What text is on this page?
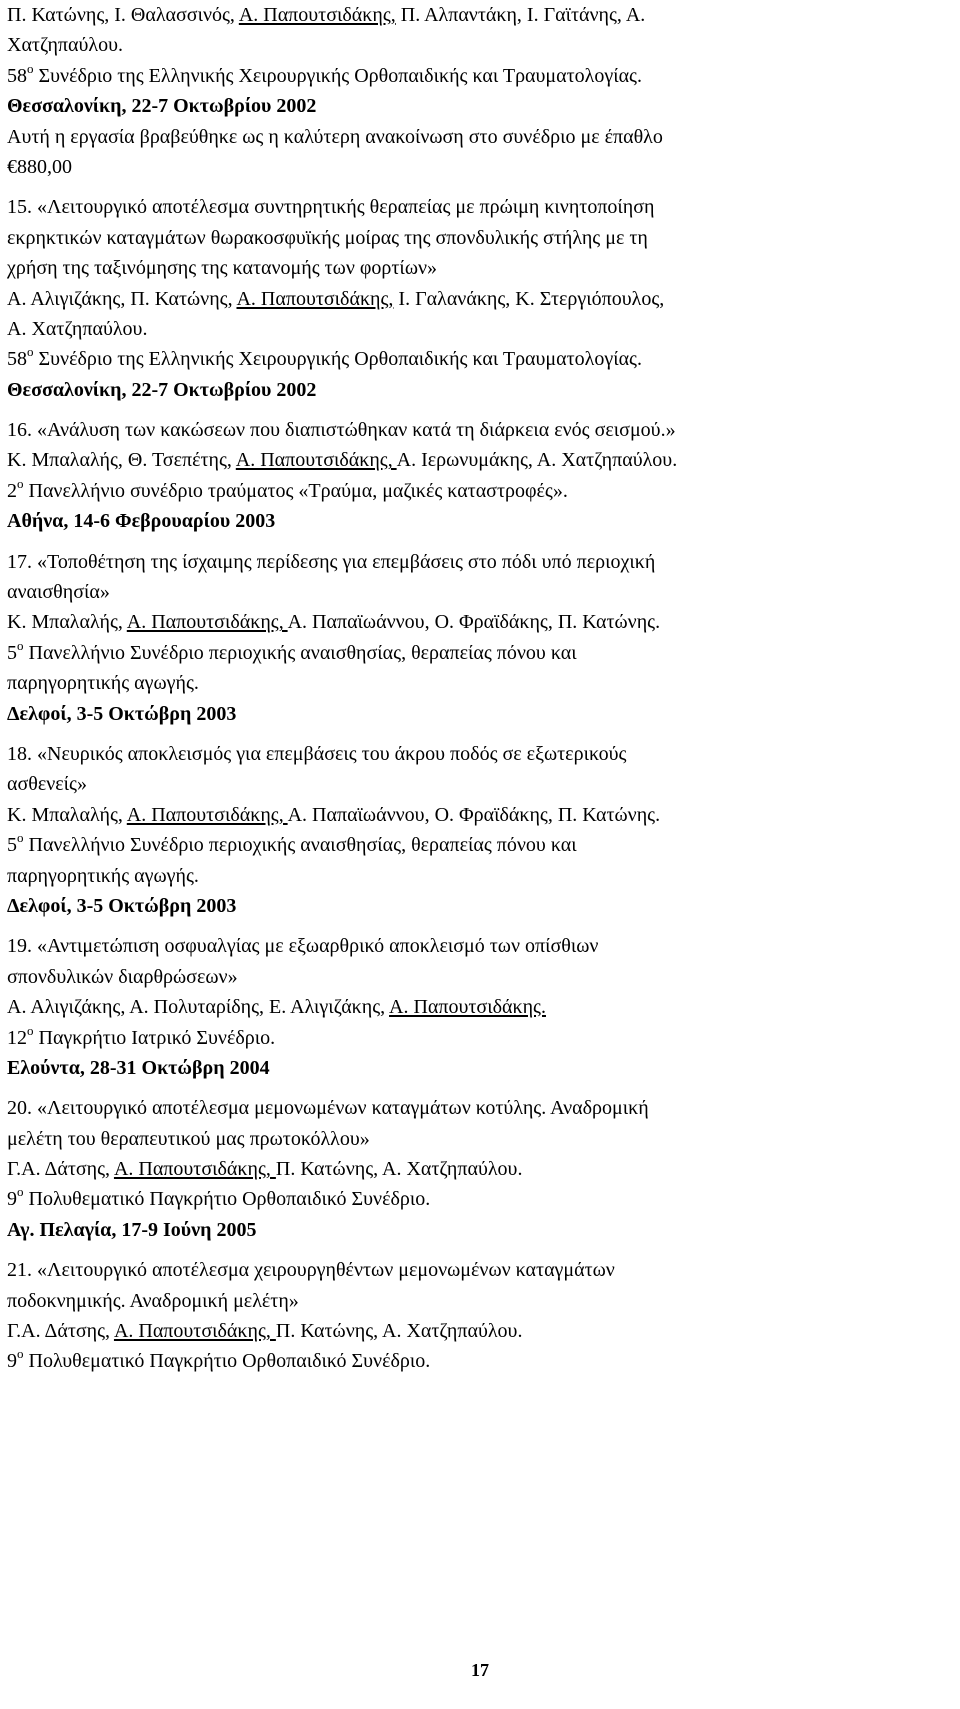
Π. Κατώνης, Ι. Θαλασσινός, Α. Παπουτσιδάκης, Π. Αλπαντάκη, Ι. Γαϊτάνης, Α.
Χατζηπαύλου.
$58^o$ Συνέδριο της Ελληνικής Χειρουργικής Ορθοπαιδικής και Τραυματολογίας.
Θεσσαλονίκη, 22-7 Οκτωβρίου 2002
Αυτή η εργασία βραβεύθηκε ως η καλύτερη ανακοίνωση στο συνέδριο με έπαθλο
€880,00
15. «Λειτουργικό αποτέλεσμα συντηρητικής θεραπείας με πρώιμη κινητοποίηση
εκρηκτικών καταγμάτων θωρακοσφυϊκής μοίρας της σπονδυλικής στήλης με τη
χρήση της ταξινόμησης της κατανομής των φορτίων»
Α. Αλιγιζάκης, Π. Κατώνης, Α. Παπουτσιδάκης, Ι. Γαλανάκης, Κ. Στεργιόπουλος,
Α. Χατζηπαύλου.
$58^o$ Συνέδριο της Ελληνικής Χειρουργικής Ορθοπαιδικής και Τραυματολογίας.
Θεσσαλονίκη, 22-7 Οκτωβρίου 2002
16. «Ανάλυση των κακώσεων που διαπιστώθηκαν κατά τη διάρκεια ενός σεισμού.»
Κ. Μπαλαλής, Θ. Τσεπέτης, Α. Παπουτσιδάκης, Α. Ιερωνυμάκης, Α. Χατζηπαύλου.
$2^o$ Πανελλήνιο συνέδριο τραύματος «Τραύμα, μαζικές καταστροφές».
Αθήνα, 14-6 Φεβρουαρίου 2003
17. «Τοποθέτηση της ίσχαιμης περίδεσης για επεμβάσεις στο πόδι υπό περιοχική
αναισθησία»
Κ. Μπαλαλής, Α. Παπουτσιδάκης, Α. Παπαϊωάννου, Ο. Φραϊδάκης, Π. Κατώνης.
$5^o$ Πανελλήνιο Συνέδριο περιοχικής αναισθησίας, θεραπείας πόνου και
παρηγορητικής αγωγής.
Δελφοί, 3-5 Οκτώβρη 2003
18. «Νευρικός αποκλεισμός για επεμβάσεις του άκρου ποδός σε εξωτερικούς
ασθενείς»
Κ. Μπαλαλής, Α. Παπουτσιδάκης, Α. Παπαϊωάννου, Ο. Φραϊδάκης, Π. Κατώνης.
$5^o$ Πανελλήνιο Συνέδριο περιοχικής αναισθησίας, θεραπείας πόνου και
παρηγορητικής αγωγής.
Δελφοί, 3-5 Οκτώβρη 2003
19. «Αντιμετώπιση οσφυαλγίας με εξωαρθρικό αποκλεισμό των οπίσθιων
σπονδυλικών διαρθρώσεων»
Α. Αλιγιζάκης, Α. Πολυταρίδης, Ε. Αλιγιζάκης, Α. Παπουτσιδάκης.
$12^o$ Παγκρήτιο Ιατρικό Συνέδριο.
Ελούντα, 28-31 Οκτώβρη 2004
20. «Λειτουργικό αποτέλεσμα μεμονωμένων καταγμάτων κοτύλης. Αναδρομική
μελέτη του θεραπευτικού μας πρωτοκόλλου»
Γ.Α. Δάτσης, Α. Παπουτσιδάκης, Π. Κατώνης, Α. Χατζηπαύλου.
$9^o$ Πολυθεματικό Παγκρήτιο Ορθοπαιδικό Συνέδριο.
Αγ. Πελαγία, 17-9 Ιούνη 2005
21. «Λειτουργικό αποτέλεσμα χειρουργηθέντων μεμονωμένων καταγμάτων
ποδοκνημικής. Αναδρομική μελέτη»
Γ.Α. Δάτσης, Α. Παπουτσιδάκης, Π. Κατώνης, Α. Χατζηπαύλου.
$9^o$ Πολυθεματικό Παγκρήτιο Ορθοπαιδικό Συνέδριο.
17
